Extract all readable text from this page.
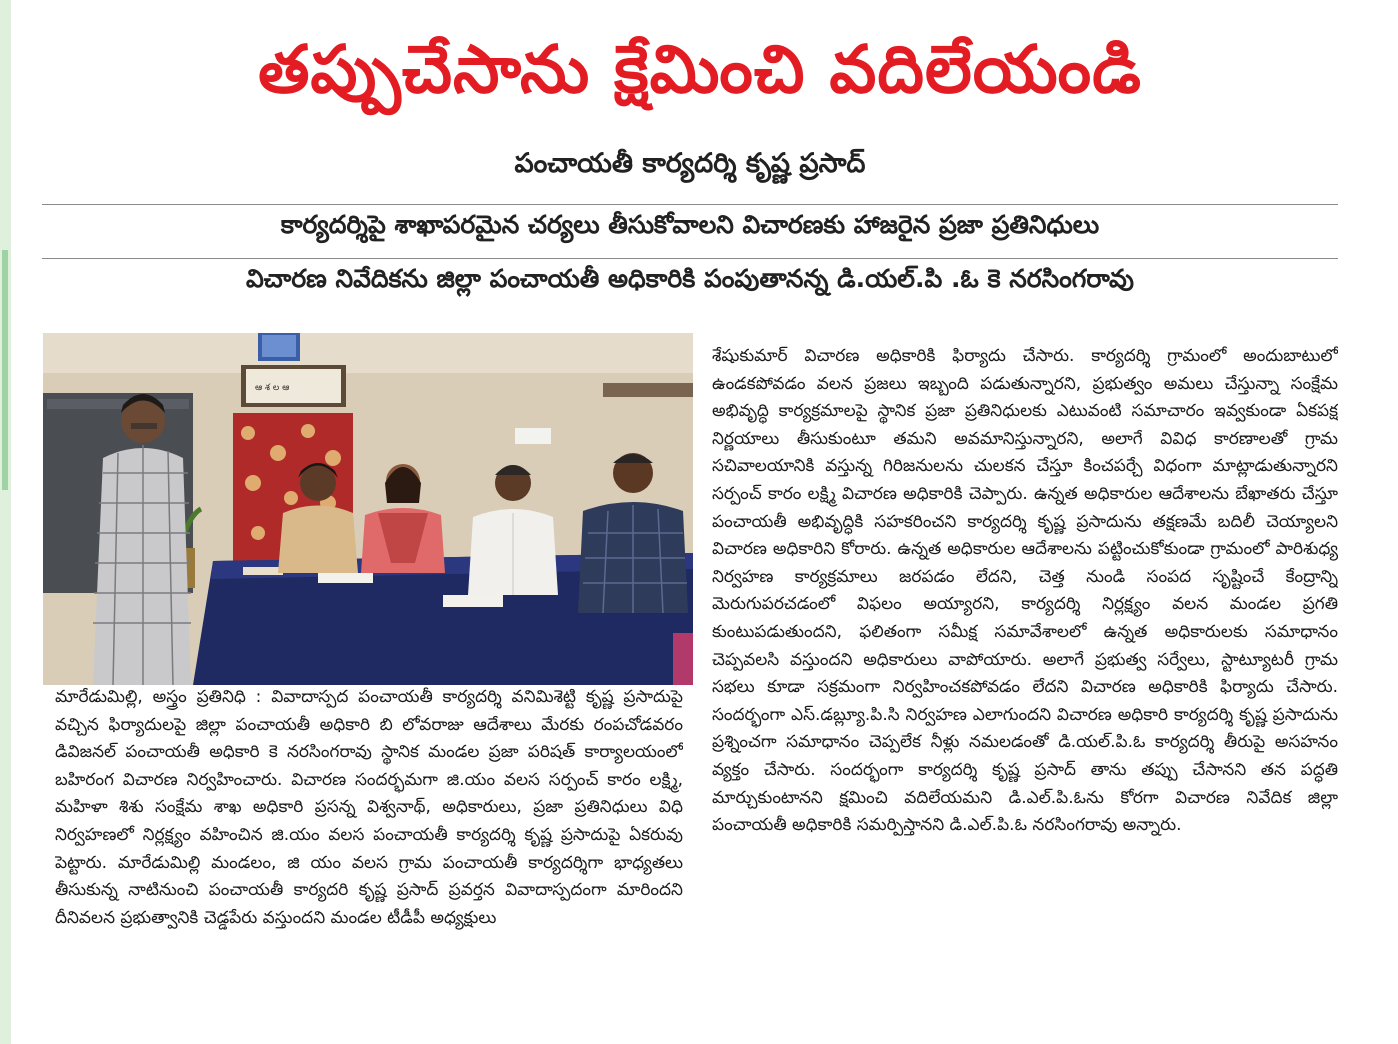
తప్పుచేసాను క్షేమించి వదిలేయండి
పంచాయతీ కార్యదర్శి కృష్ణ ప్రసాద్
కార్యదర్శిపై శాఖాపరమైన చర్యలు తీసుకోవాలని విచారణకు హాజరైన ప్రజా ప్రతినిధులు
విచారణ నివేదికను జిల్లా పంచాయతీ అధికారికి పంపుతానన్న డి.యల్.పి .ఓ కె నరసింగరావు
ఆ శ ల ఆ

మారేడుమిల్లి, అస్త్రం ప్రతినిధి : వివాదాస్పద పంచాయతీ కార్యదర్శి వనిమిశెట్టి కృష్ణ ప్రసాదుపై వచ్చిన ఫిర్యాదులపై జిల్లా పంచాయతీ అధికారి బి లోవరాజు ఆదేశాలు మేరకు రంపచోడవరం డివిజనల్ పంచాయతీ అధికారి కె నరసింగరావు స్థానిక మండల ప్రజా పరిషత్ కార్యాలయంలో బహిరంగ విచారణ నిర్వహించారు. విచారణ సందర్భమగా జి.యం వలస సర్పంచ్ కారం లక్ష్మి, మహిళా శిశు సంక్షేమ శాఖ అధికారి ప్రసన్న విశ్వనాథ్, అధికారులు, ప్రజా ప్రతినిధులు విధి నిర్వహణలో నిర్లక్ష్యం వహించిన జి.యం వలస పంచాయతీ కార్యదర్శి కృష్ణ ప్రసాదుపై ఏకరువు పెట్టారు. మారేడుమిల్లి మండలం, జి యం వలస గ్రామ పంచాయతీ కార్యదర్శిగా భాధ్యతలు తీసుకున్న నాటినుంచి పంచాయతీ కార్యదరి కృష్ణ ప్రసాద్ ప్రవర్తన వివాదాస్పదంగా మారిందని దీనివలన ప్రభుత్వానికి చెడ్డపేరు వస్తుందని మండల టీడీపీ అధ్యక్షులు

శేషుకుమార్ విచారణ అధికారికి ఫిర్యాదు చేసారు. కార్యదర్శి గ్రామంలో అందుబాటులో ఉండకపోవడం వలన ప్రజలు ఇబ్బంది పడుతున్నారని, ప్రభుత్వం అమలు చేస్తున్నా సంక్షేమ అభివృద్ధి కార్యక్రమాలపై స్థానిక ప్రజా ప్రతినిధులకు ఎటువంటి సమాచారం ఇవ్వకుండా ఏకపక్ష నిర్ణయాలు తీసుకుంటూ తమని అవమానిస్తున్నారని, అలాగే వివిధ కారణాలతో గ్రామ సచివాలయానికి వస్తున్న గిరిజనులను చులకన చేస్తూ కించపర్చే విధంగా మాట్లాడుతున్నారని సర్పంచ్ కారం లక్ష్మి విచారణ అధికారికి చెప్పారు. ఉన్నత అధికారుల ఆదేశాలను బేఖాతరు చేస్తూ పంచాయతీ అభివృద్ధికి సహకరించని కార్యదర్శి కృష్ణ ప్రసాదును తక్షణమే బదిలీ చెయ్యాలని విచారణ అధికారిని కోరారు. ఉన్నత అధికారుల ఆదేశాలను పట్టించుకోకుండా గ్రామంలో పారిశుధ్య నిర్వహణ కార్యక్రమాలు జరపడం లేదని, చెత్త నుండి సంపద సృష్టించే కేంద్రాన్ని మెరుగుపరచడంలో విఫలం అయ్యారని, కార్యదర్శి నిర్లక్ష్యం వలన మండల ప్రగతి కుంటుపడుతుందని, ఫలితంగా సమీక్ష సమావేశాలలో ఉన్నత అధికారులకు సమాధానం చెప్పవలసి వస్తుందని అధికారులు వాపోయారు. అలాగే ప్రభుత్వ సర్వేలు, స్టాట్యూటరీ గ్రామ సభలు కూడా సక్రమంగా నిర్వహించకపోవడం లేదని విచారణ అధికారికి ఫిర్యాదు చేసారు. సందర్భంగా ఎస్.డబ్ల్యూ.పి.సి నిర్వహణ ఎలాగుందని విచారణ అధికారి కార్యదర్శి కృష్ణ ప్రసాదును ప్రశ్నించగా సమాధానం చెప్పలేక నీళ్లు నమలడంతో డి.యల్.పి.ఓ కార్యదర్శి తీరుపై అసహనం వ్యక్తం చేసారు. సందర్భంగా కార్యదర్శి కృష్ణ ప్రసాద్ తాను తప్పు చేసానని తన పద్ధతి మార్చుకుంటానని క్షమించి వదిలేయమని డి.ఎల్.పి.ఓను కోరగా విచారణ నివేదిక జిల్లా పంచాయతీ అధికారికి సమర్పిస్తానని డి.ఎల్.పి.ఓ నరసింగరావు అన్నారు.
